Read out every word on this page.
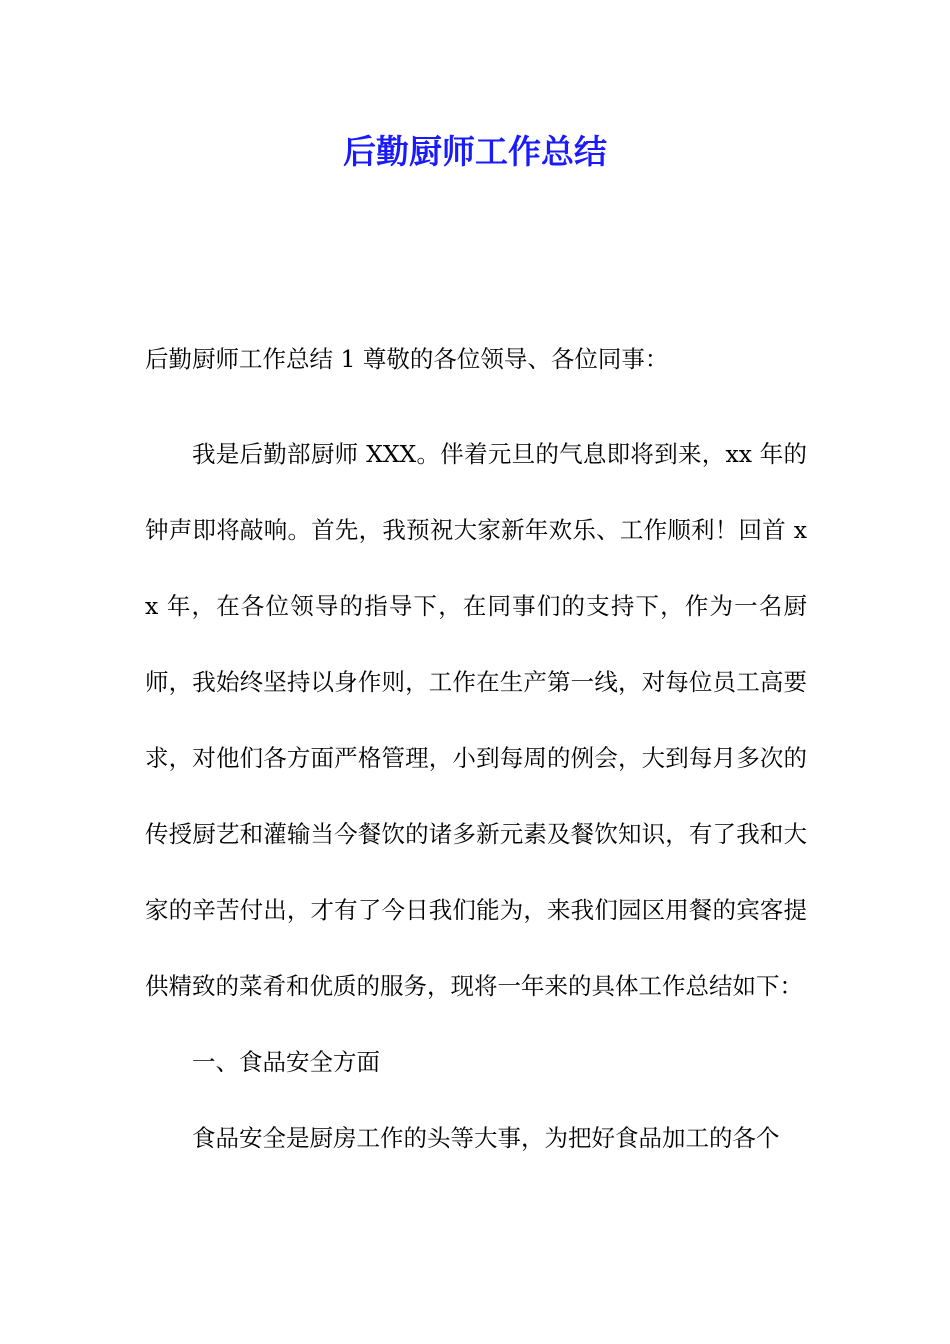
后勤厨师工作总结

后勤厨师工作总结 1 尊敬的各位领导、各位同事：

我是后勤部厨师 XXX。伴着元旦的气息即将到来，xx 年的钟声即将敲响。首先，我预祝大家新年欢乐、工作顺利！回首 xx 年，在各位领导的指导下，在同事们的支持下，作为一名厨师，我始终坚持以身作则，工作在生产第一线，对每位员工高要求，对他们各方面严格管理，小到每周的例会，大到每月多次的传授厨艺和灌输当今餐饮的诸多新元素及餐饮知识，有了我和大家的辛苦付出，才有了今日我们能为，来我们园区用餐的宾客提供精致的菜肴和优质的服务，现将一年来的具体工作总结如下：

一、食品安全方面

食品安全是厨房工作的头等大事，为把好食品加工的各个
